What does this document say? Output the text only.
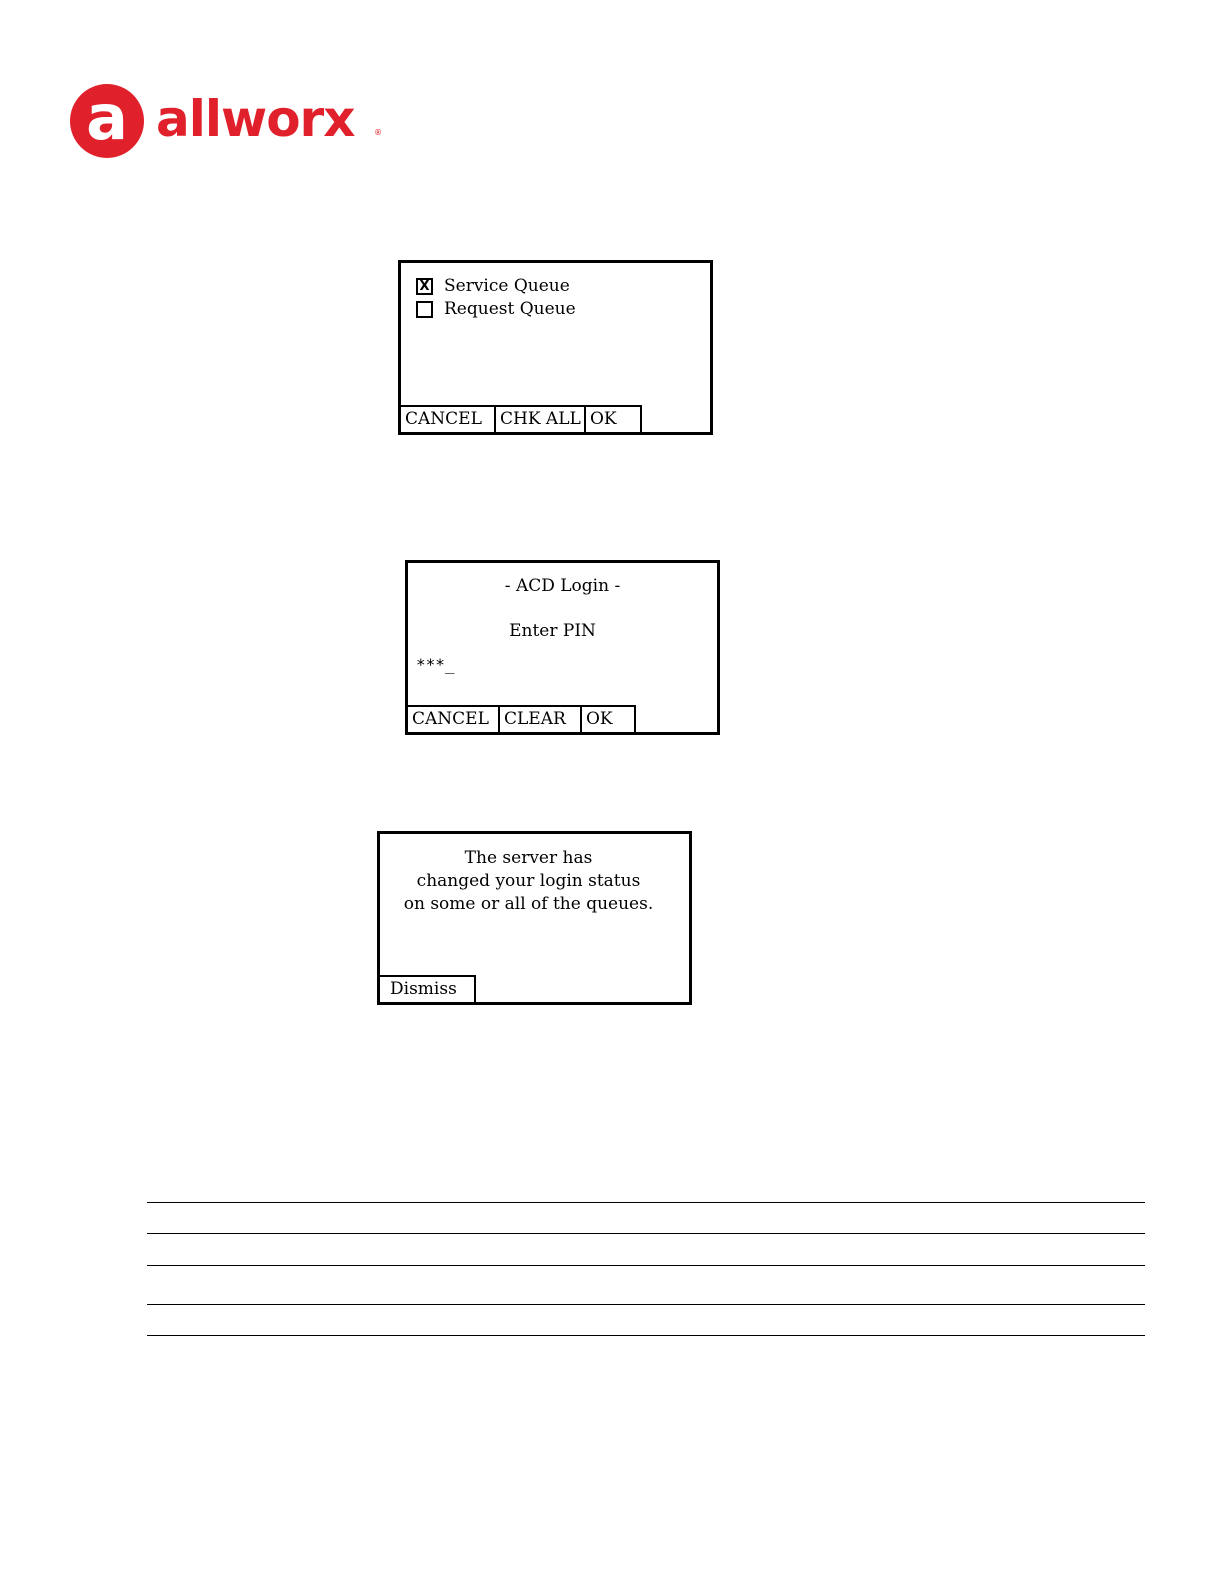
a allworx ®
X Service Queue
Request Queue
CANCEL	CHK ALL OK
- ACD Login -
Enter PIN
***_
CANCEL CLEAR	OK
The server has
changed your login status
on some or all of the queues.
Dismiss
